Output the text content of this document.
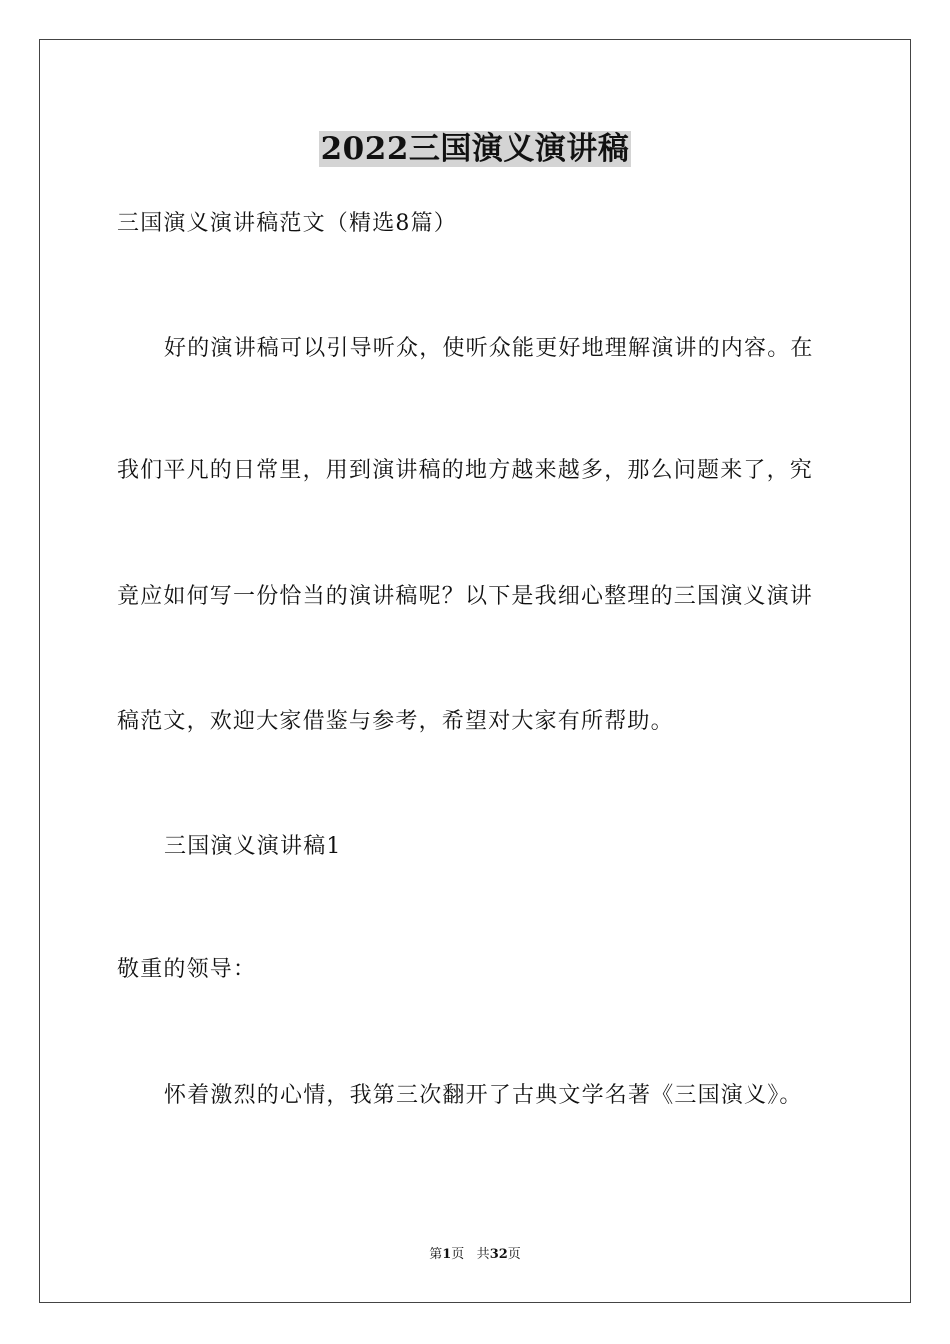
2022三国演义演讲稿

三国演义演讲稿范文（精选8篇）

好的演讲稿可以引导听众，使听众能更好地理解演讲的内容。在

我们平凡的日常里，用到演讲稿的地方越来越多，那么问题来了，究

竟应如何写一份恰当的演讲稿呢？以下是我细心整理的三国演义演讲

稿范文，欢迎大家借鉴与参考，希望对大家有所帮助。

三国演义演讲稿1

敬重的领导：

怀着激烈的心情，我第三次翻开了古典文学名著《三国演义》。

第1页 共32页
